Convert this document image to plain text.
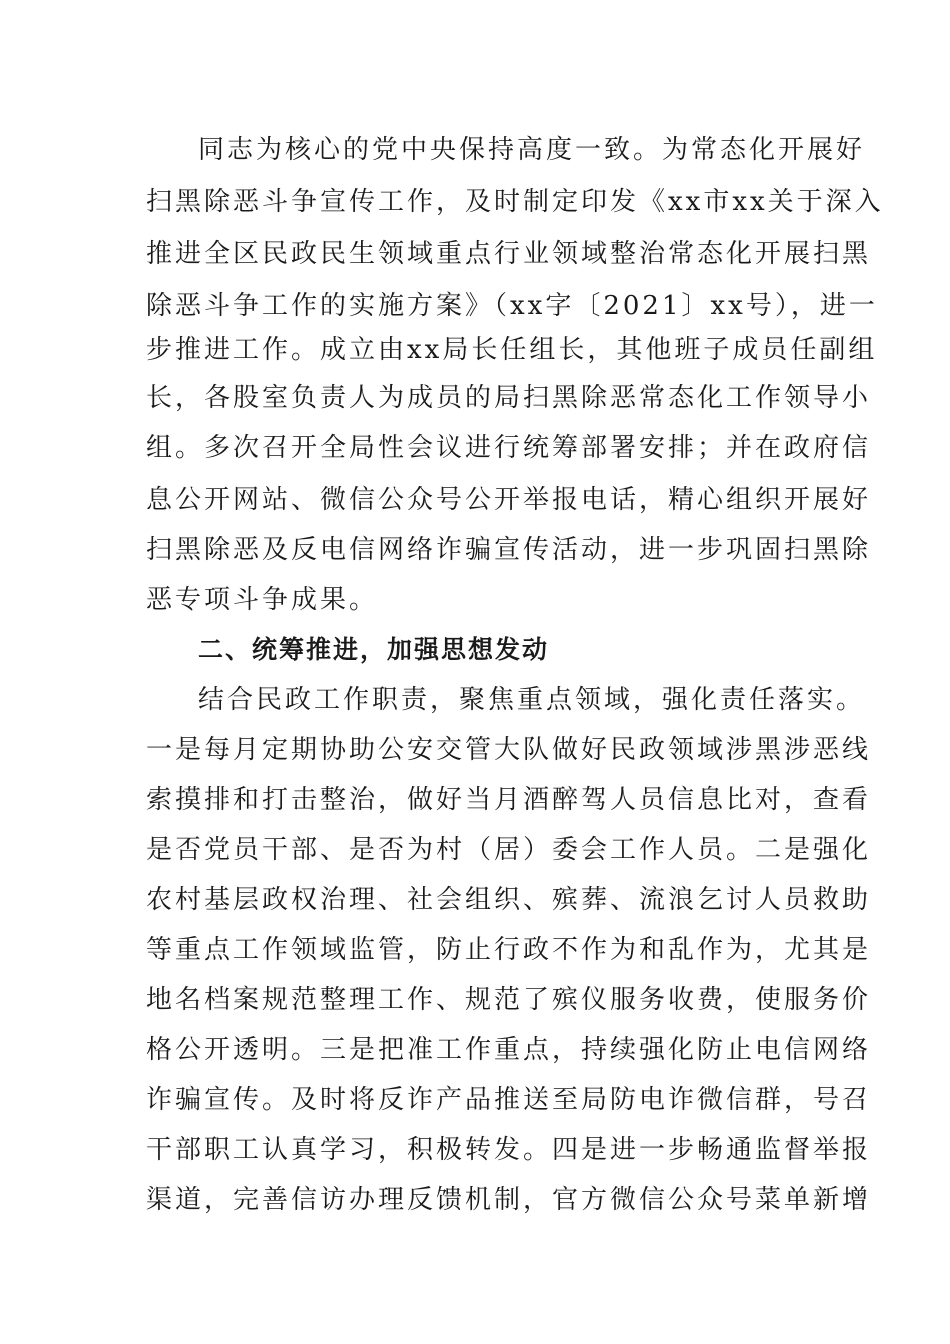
同志为核心的党中央保持高度一致。为常态化开展好
扫黑除恶斗争宣传工作，及时制定印发《xx市xx关于深入
推进全区民政民生领域重点行业领域整治常态化开展扫黑
除恶斗争工作的实施方案》（xx字〔2021〕xx号），进一
步推进工作。成立由xx局长任组长，其他班子成员任副组
长，各股室负责人为成员的局扫黑除恶常态化工作领导小
组。多次召开全局性会议进行统筹部署安排；并在政府信
息公开网站、微信公众号公开举报电话，精心组织开展好
扫黑除恶及反电信网络诈骗宣传活动，进一步巩固扫黑除
恶专项斗争成果。
二、统筹推进，加强思想发动
结合民政工作职责，聚焦重点领域，强化责任落实。
一是每月定期协助公安交管大队做好民政领域涉黑涉恶线
索摸排和打击整治，做好当月酒醉驾人员信息比对，查看
是否党员干部、是否为村（居）委会工作人员。二是强化
农村基层政权治理、社会组织、殡葬、流浪乞讨人员救助
等重点工作领域监管，防止行政不作为和乱作为，尤其是
地名档案规范整理工作、规范了殡仪服务收费，使服务价
格公开透明。三是把准工作重点，持续强化防止电信网络
诈骗宣传。及时将反诈产品推送至局防电诈微信群，号召
干部职工认真学习，积极转发。四是进一步畅通监督举报
渠道，完善信访办理反馈机制，官方微信公众号菜单新增
